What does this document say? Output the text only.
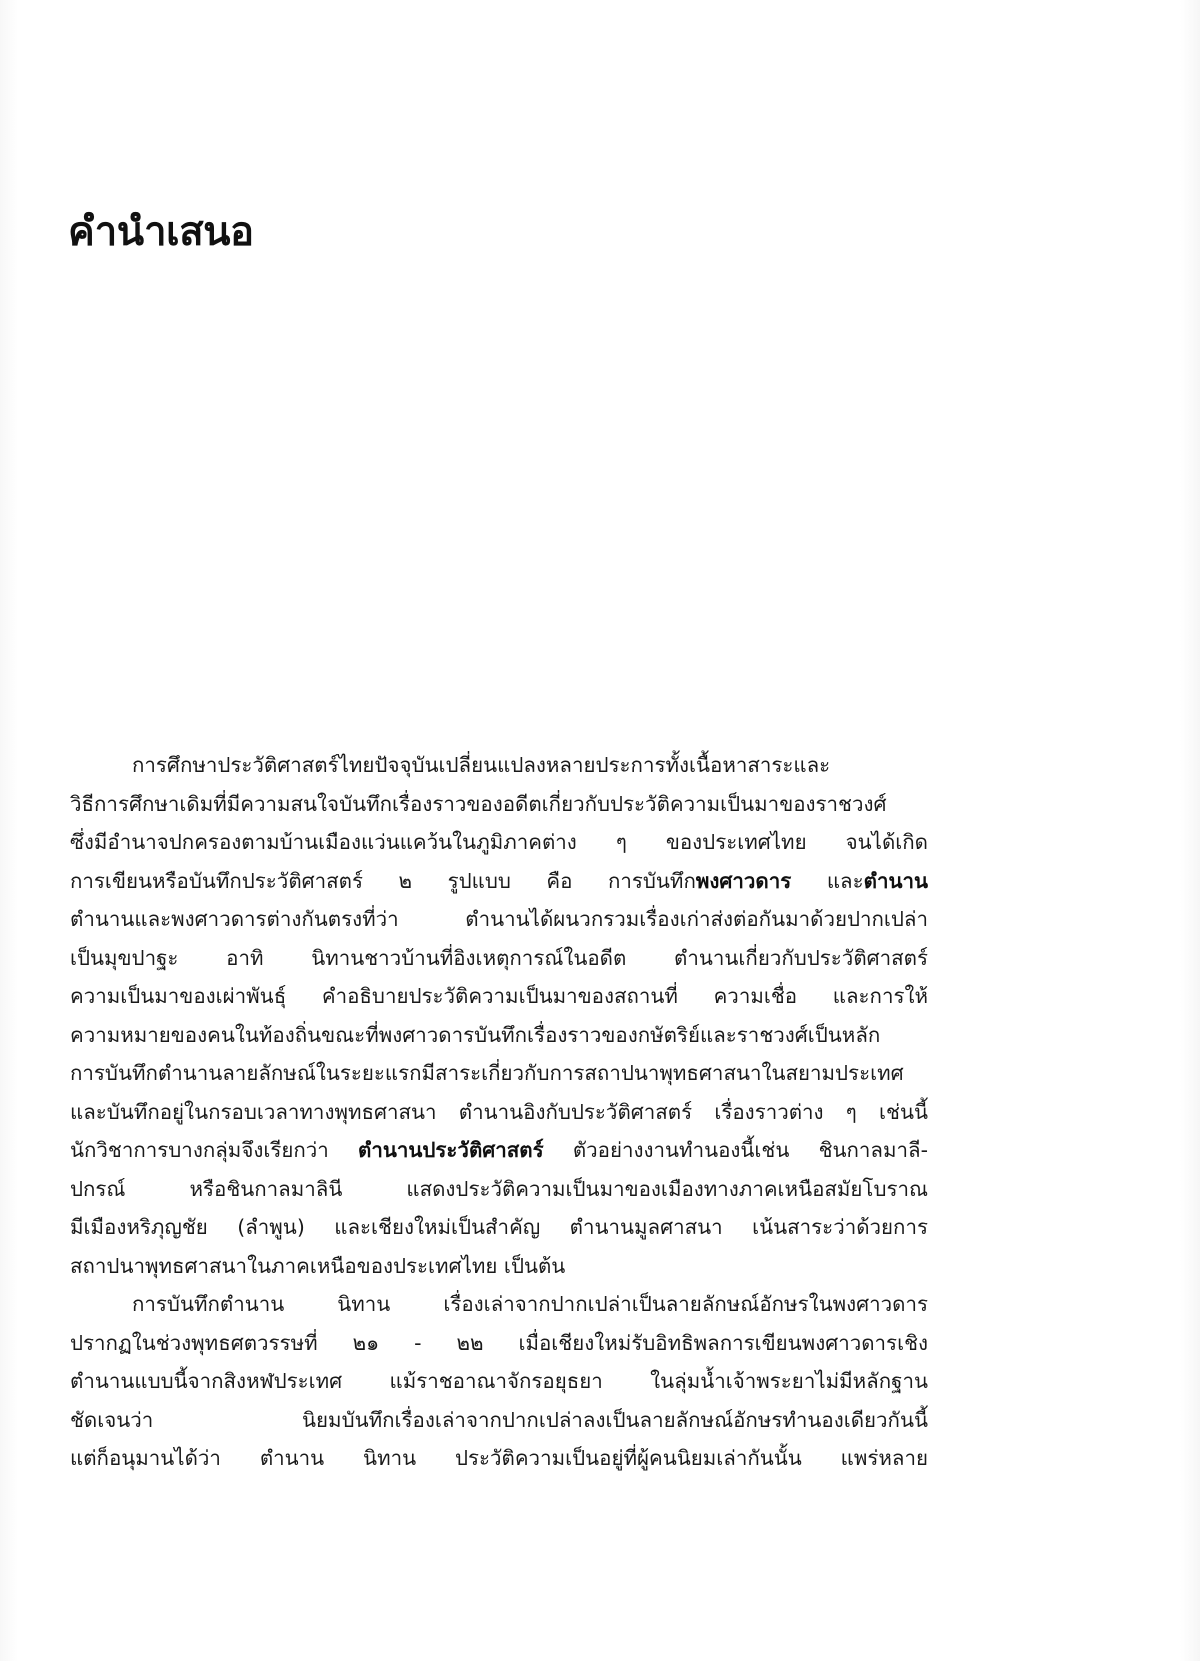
คำนำเสนอ
การศึกษาประวัติศาสตร์ไทยปัจจุบันเปลี่ยนแปลงหลายประการทั้งเนื้อหาสาระและ
วิธีการศึกษาเดิมที่มีความสนใจบันทึกเรื่องราวของอดีตเกี่ยวกับประวัติความเป็นมาของราชวงศ์
ซึ่งมีอำนาจปกครองตามบ้านเมืองแว่นแคว้นในภูมิภาคต่าง ๆ ของประเทศไทย จนได้เกิด
การเขียนหรือบันทึกประวัติศาสตร์ ๒ รูปแบบ คือ การบันทึกพงศาวดาร และตำนาน
ตำนานและพงศาวดารต่างกันตรงที่ว่า ตำนานได้ผนวกรวมเรื่องเก่าส่งต่อกันมาด้วยปากเปล่า
เป็นมุขปาฐะ อาทิ นิทานชาวบ้านที่อิงเหตุการณ์ในอดีต ตำนานเกี่ยวกับประวัติศาสตร์
ความเป็นมาของเผ่าพันธุ์ คำอธิบายประวัติความเป็นมาของสถานที่ ความเชื่อ และการให้
ความหมายของคนในท้องถิ่นขณะที่พงศาวดารบันทึกเรื่องราวของกษัตริย์และราชวงศ์เป็นหลัก
การบันทึกตำนานลายลักษณ์ในระยะแรกมีสาระเกี่ยวกับการสถาปนาพุทธศาสนาในสยามประเทศ
และบันทึกอยู่ในกรอบเวลาทางพุทธศาสนา ตำนานอิงกับประวัติศาสตร์ เรื่องราวต่าง ๆ เช่นนี้
นักวิชาการบางกลุ่มจึงเรียกว่า ตำนานประวัติศาสตร์ ตัวอย่างงานทำนองนี้เช่น ชินกาลมาลี-
ปกรณ์ หรือชินกาลมาลินี แสดงประวัติความเป็นมาของเมืองทางภาคเหนือสมัยโบราณ
มีเมืองหริภุญชัย (ลำพูน) และเชียงใหม่เป็นสำคัญ ตำนานมูลศาสนา เน้นสาระว่าด้วยการ
สถาปนาพุทธศาสนาในภาคเหนือของประเทศไทย เป็นต้น
การบันทึกตำนาน นิทาน เรื่องเล่าจากปากเปล่าเป็นลายลักษณ์อักษรในพงศาวดาร
ปรากฏในช่วงพุทธศตวรรษที่ ๒๑ - ๒๒ เมื่อเชียงใหม่รับอิทธิพลการเขียนพงศาวดารเชิง
ตำนานแบบนี้จากสิงหฬประเทศ แม้ราชอาณาจักรอยุธยา ในลุ่มน้ำเจ้าพระยาไม่มีหลักฐาน
ชัดเจนว่า นิยมบันทึกเรื่องเล่าจากปากเปล่าลงเป็นลายลักษณ์อักษรทำนองเดียวกันนี้
แต่ก็อนุมานได้ว่า ตำนาน นิทาน ประวัติความเป็นอยู่ที่ผู้คนนิยมเล่ากันนั้น แพร่หลาย
